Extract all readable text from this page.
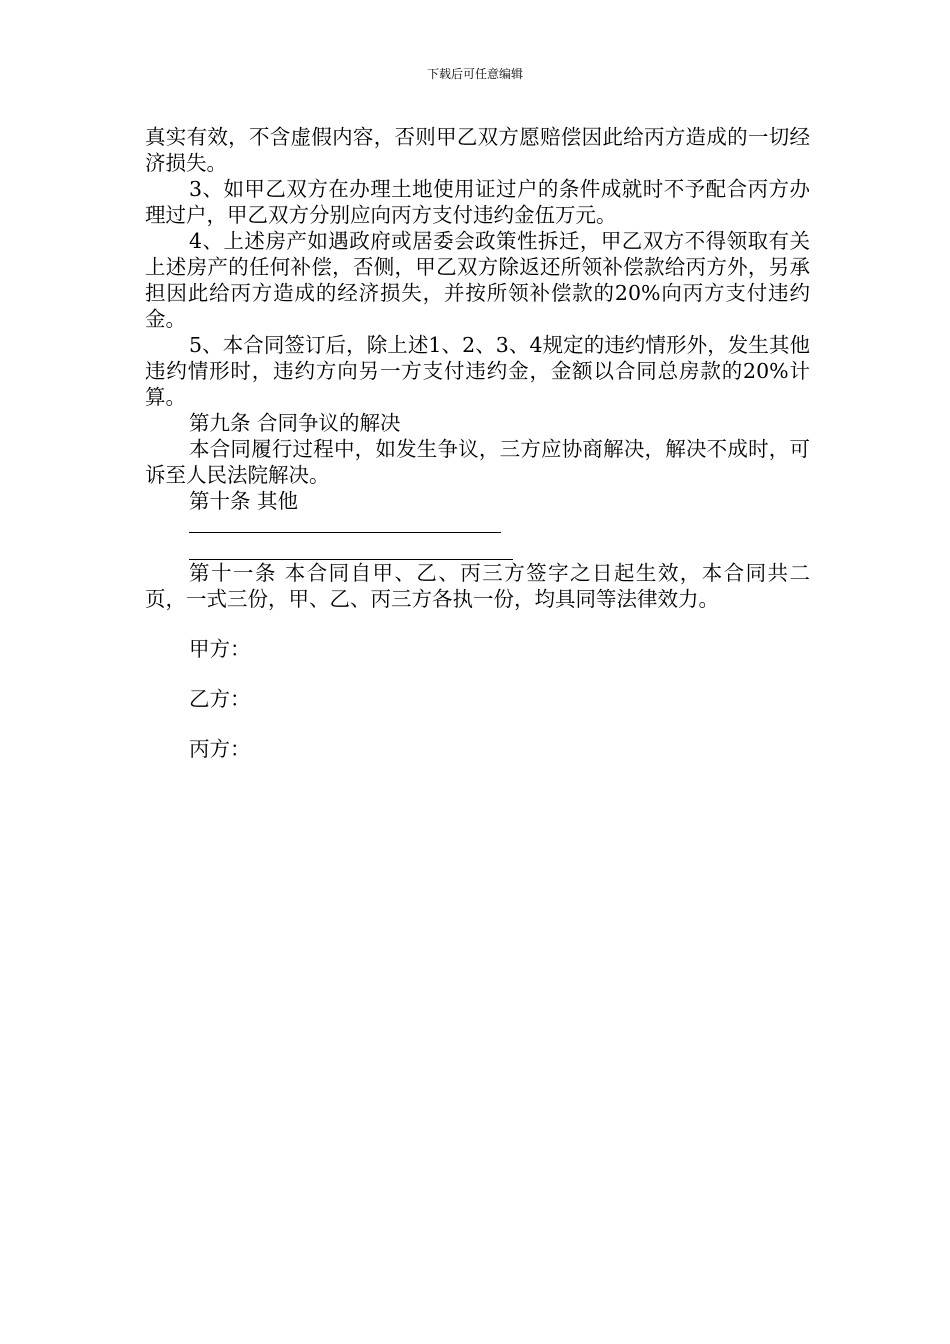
下载后可任意编辑

真实有效，不含虚假内容，否则甲乙双方愿赔偿因此给丙方造成的一切经济损失。

3、如甲乙双方在办理土地使用证过户的条件成就时不予配合丙方办理过户，甲乙双方分别应向丙方支付违约金伍万元。

4、上述房产如遇政府或居委会政策性拆迁，甲乙双方不得领取有关上述房产的任何补偿，否侧，甲乙双方除返还所领补偿款给丙方外，另承担因此给丙方造成的经济损失，并按所领补偿款的20%向丙方支付违约金。

5、本合同签订后，除上述1、2、3、4规定的违约情形外，发生其他违约情形时，违约方向另一方支付违约金，金额以合同总房款的20%计算。

第九条 合同争议的解决

本合同履行过程中，如发生争议，三方应协商解决，解决不成时，可诉至人民法院解决。

第十条 其他

第十一条 本合同自甲、乙、丙三方签字之日起生效，本合同共二页，一式三份，甲、乙、丙三方各执一份，均具同等法律效力。

甲方：

乙方：

丙方：
